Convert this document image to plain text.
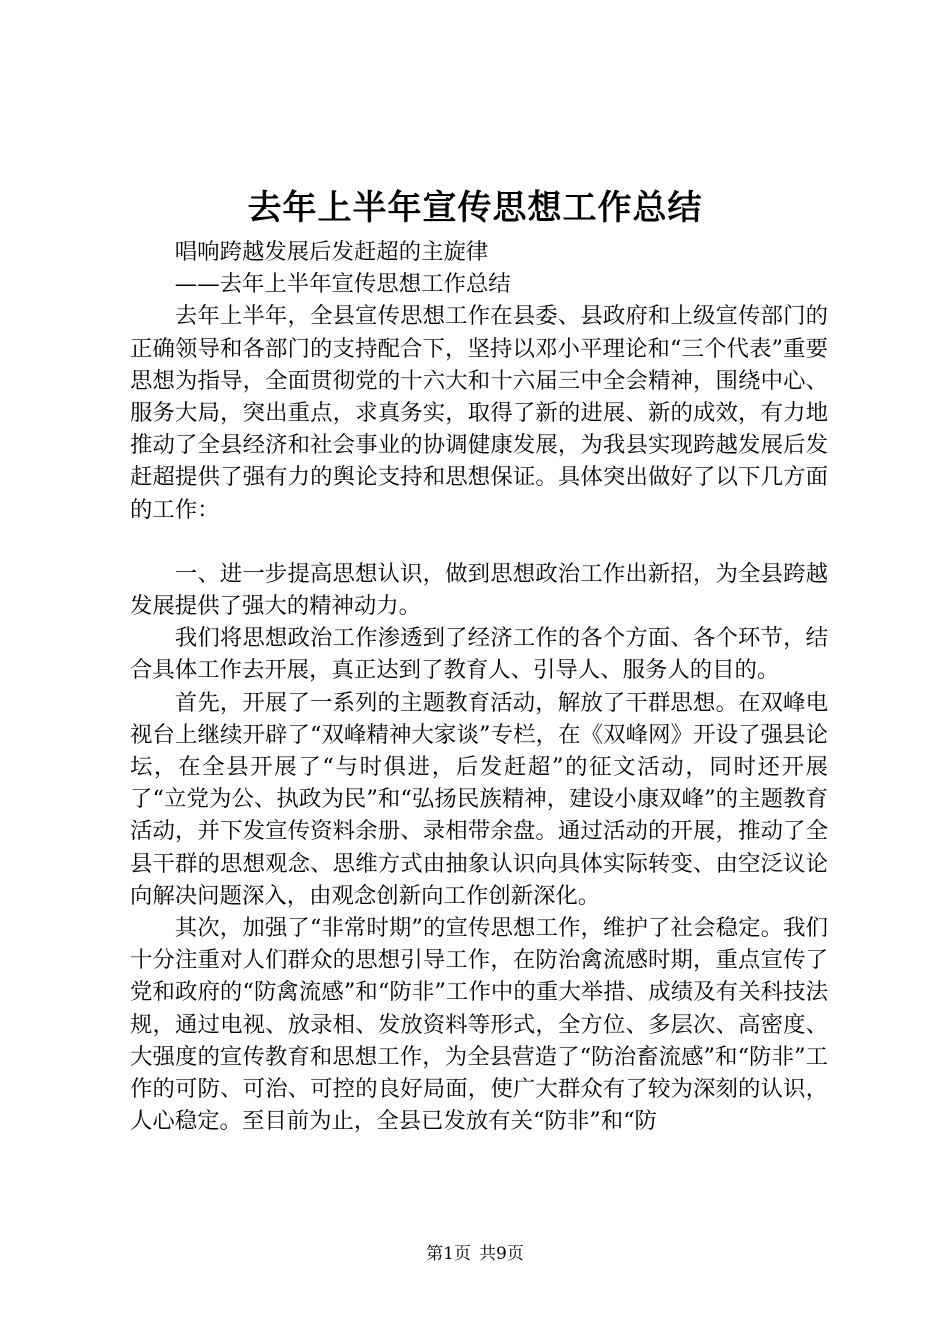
去年上半年宣传思想工作总结

唱响跨越发展后发赶超的主旋律

——去年上半年宣传思想工作总结

去年上半年，全县宣传思想工作在县委、县政府和上级宣传部门的正确领导和各部门的支持配合下，坚持以邓小平理论和“三个代表”重要思想为指导，全面贯彻党的十六大和十六届三中全会精神，围绕中心、服务大局，突出重点，求真务实，取得了新的进展、新的成效，有力地推动了全县经济和社会事业的协调健康发展，为我县实现跨越发展后发赶超提供了强有力的舆论支持和思想保证。具体突出做好了以下几方面的工作：

一、进一步提高思想认识，做到思想政治工作出新招，为全县跨越发展提供了强大的精神动力。

我们将思想政治工作渗透到了经济工作的各个方面、各个环节，结合具体工作去开展，真正达到了教育人、引导人、服务人的目的。

首先，开展了一系列的主题教育活动，解放了干群思想。在双峰电视台上继续开辟了“双峰精神大家谈”专栏，在《双峰网》开设了强县论坛，在全县开展了“与时俱进，后发赶超”的征文活动，同时还开展了“立党为公、执政为民”和“弘扬民族精神，建设小康双峰”的主题教育活动，并下发宣传资料余册、录相带余盘。通过活动的开展，推动了全县干群的思想观念、思维方式由抽象认识向具体实际转变、由空泛议论向解决问题深入，由观念创新向工作创新深化。

其次，加强了“非常时期”的宣传思想工作，维护了社会稳定。我们十分注重对人们群众的思想引导工作，在防治禽流感时期，重点宣传了党和政府的“防禽流感”和“防非”工作中的重大举措、成绩及有关科技法规，通过电视、放录相、发放资料等形式，全方位、多层次、高密度、大强度的宣传教育和思想工作，为全县营造了“防治畜流感”和“防非”工作的可防、可治、可控的良好局面，使广大群众有了较为深刻的认识，人心稳定。至目前为止，全县已发放有关“防非”和“防

第1页 共9页
